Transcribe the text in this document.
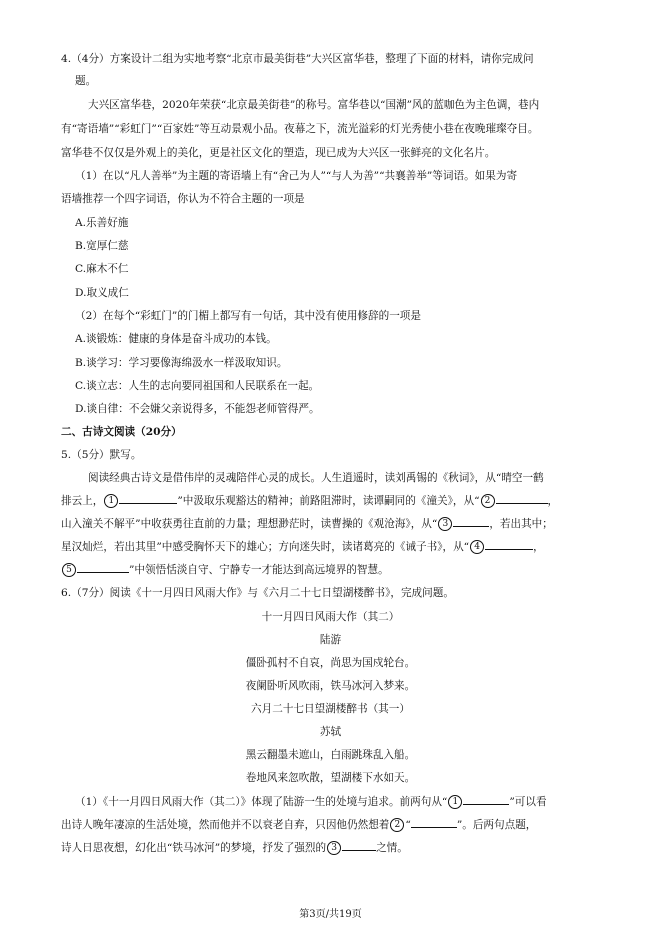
4.（4分）方案设计二组为实地考察“北京市最美街巷”大兴区富华巷，整理了下面的材料，请你完成问
题。
大兴区富华巷，2020年荣获“北京最美街巷”的称号。富华巷以“国潮”风的蓝咖色为主色调，巷内
有“寄语墙”“彩虹门”“百家姓”等互动景观小品。夜幕之下，流光溢彩的灯光秀使小巷在夜晚璀璨夺目。
富华巷不仅仅是外观上的美化，更是社区文化的塑造，现已成为大兴区一张鲜亮的文化名片。
（1）在以“凡人善举”为主题的寄语墙上有“舍己为人”“与人为善”“共襄善举”等词语。如果为寄
语墙推荐一个四字词语，你认为不符合主题的一项是
A.乐善好施
B.宽厚仁慈
C.麻木不仁
D.取义成仁
（2）在每个“彩虹门”的门楣上都写有一句话，其中没有使用修辞的一项是
A.谈锻炼：健康的身体是奋斗成功的本钱。
B.谈学习：学习要像海绵汲水一样汲取知识。
C.谈立志：人生的志向要同祖国和人民联系在一起。
D.谈自律：不会嫌父亲说得多，不能怨老师管得严。
二、古诗文阅读（20分）
5.（5分）默写。
阅读经典古诗文是借伟岸的灵魂陪伴心灵的成长。人生逍遥时，读刘禹锡的《秋词》，从“晴空一鹤
排云上， 1	”中汲取乐观豁达的精神；前路阻滞时，读谭嗣同的《潼关》，从“ 2	，
山入潼关不解平”中收获勇往直前的力量；理想渺茫时，读曹操的《观沧海》，从“ 3	，若出其中；
星汉灿烂，若出其里”中感受胸怀天下的雄心；方向迷失时，读诸葛亮的《诫子书》，从“ 4	，
5	”中领悟恬淡自守、宁静专一才能达到高远境界的智慧。
6.（7分）阅读《十一月四日风雨大作》与《六月二十七日望湖楼醉书》，完成问题。
十一月四日风雨大作（其二）
陆游
僵卧孤村不自哀，尚思为国戍轮台。
夜阑卧听风吹雨，铁马冰河入梦来。
六月二十七日望湖楼醉书（其一）
苏轼
黑云翻墨未遮山，白雨跳珠乱入船。
卷地风来忽吹散，望湖楼下水如天。
（1）《十一月四日风雨大作（其二）》体现了陆游一生的处境与追求。前两句从“ 1	”可以看
出诗人晚年凄凉的生活处境，然而他并不以衰老自弃，只因他仍然想着 2 “	”。后两句点题，
诗人日思夜想，幻化出“铁马冰河”的梦境，抒发了强烈的 3	之情。
第3页/共19页
